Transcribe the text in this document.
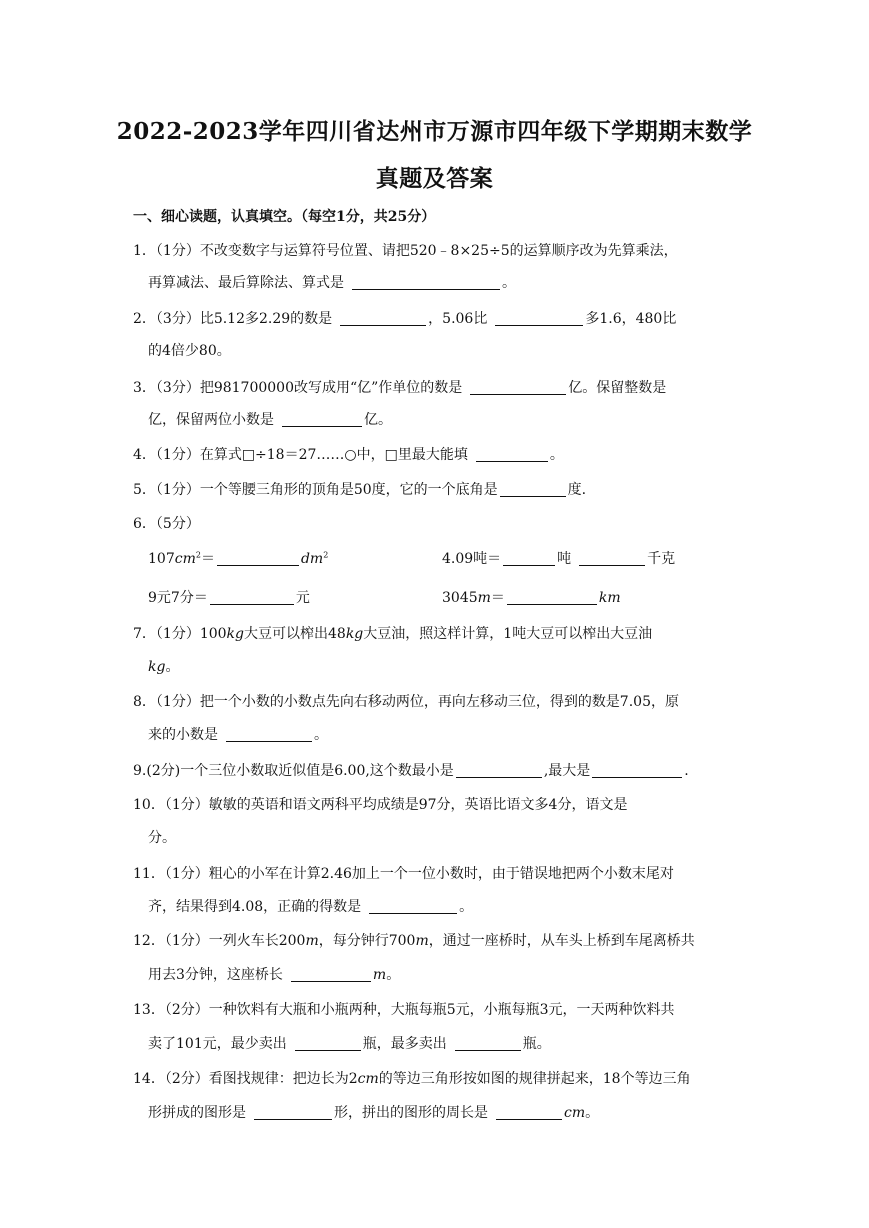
2022-2023学年四川省达州市万源市四年级下学期期末数学
真题及答案
一、细心读题，认真填空。（每空1分，共25分）
1．（1分）不改变数字与运算符号位置、请把520﹣8×25÷5的运算顺序改为先算乘法，
再算减法、最后算除法、算式是	。
2．（3分）比5.12多2.29的数是	，5.06比	多1.6，480比
的4倍少80。
3．（3分）把981700000改写成用“亿”作单位的数是	亿。保留整数是
亿，保留两位小数是	亿。
4．（1分）在算式□÷18＝27……○中，□里最大能填	。
5．（1分）一个等腰三角形的顶角是50度，它的一个底角是	度.
6．（5分）
$107cm^2=$	$dm^2$	4.09吨＝	吨	千克
9元7分＝	元	3045m＝	km
7．（1分）100kg大豆可以榨出48kg大豆油，照这样计算，1吨大豆可以榨出大豆油
kg。
8．（1分）把一个小数的小数点先向右移动两位，再向左移动三位，得到的数是7.05，原
来的小数是	。
9.(2分)一个三位小数取近似值是6.00,这个数最小是	,最大是	.
10．（1分）敏敏的英语和语文两科平均成绩是97分，英语比语文多4分，语文是
分。
11．（1分）粗心的小军在计算2.46加上一个一位小数时，由于错误地把两个小数末尾对
齐，结果得到4.08，正确的得数是	。
12．（1分）一列火车长200m，每分钟行700m，通过一座桥时，从车头上桥到车尾离桥共
用去3分钟，这座桥长	m。
13．（2分）一种饮料有大瓶和小瓶两种，大瓶每瓶5元，小瓶每瓶3元，一天两种饮料共
卖了101元，最少卖出	瓶，最多卖出	瓶。
14．（2分）看图找规律：把边长为2cm的等边三角形按如图的规律拼起来，18个等边三角
形拼成的图形是	形，拼出的图形的周长是	cm。
